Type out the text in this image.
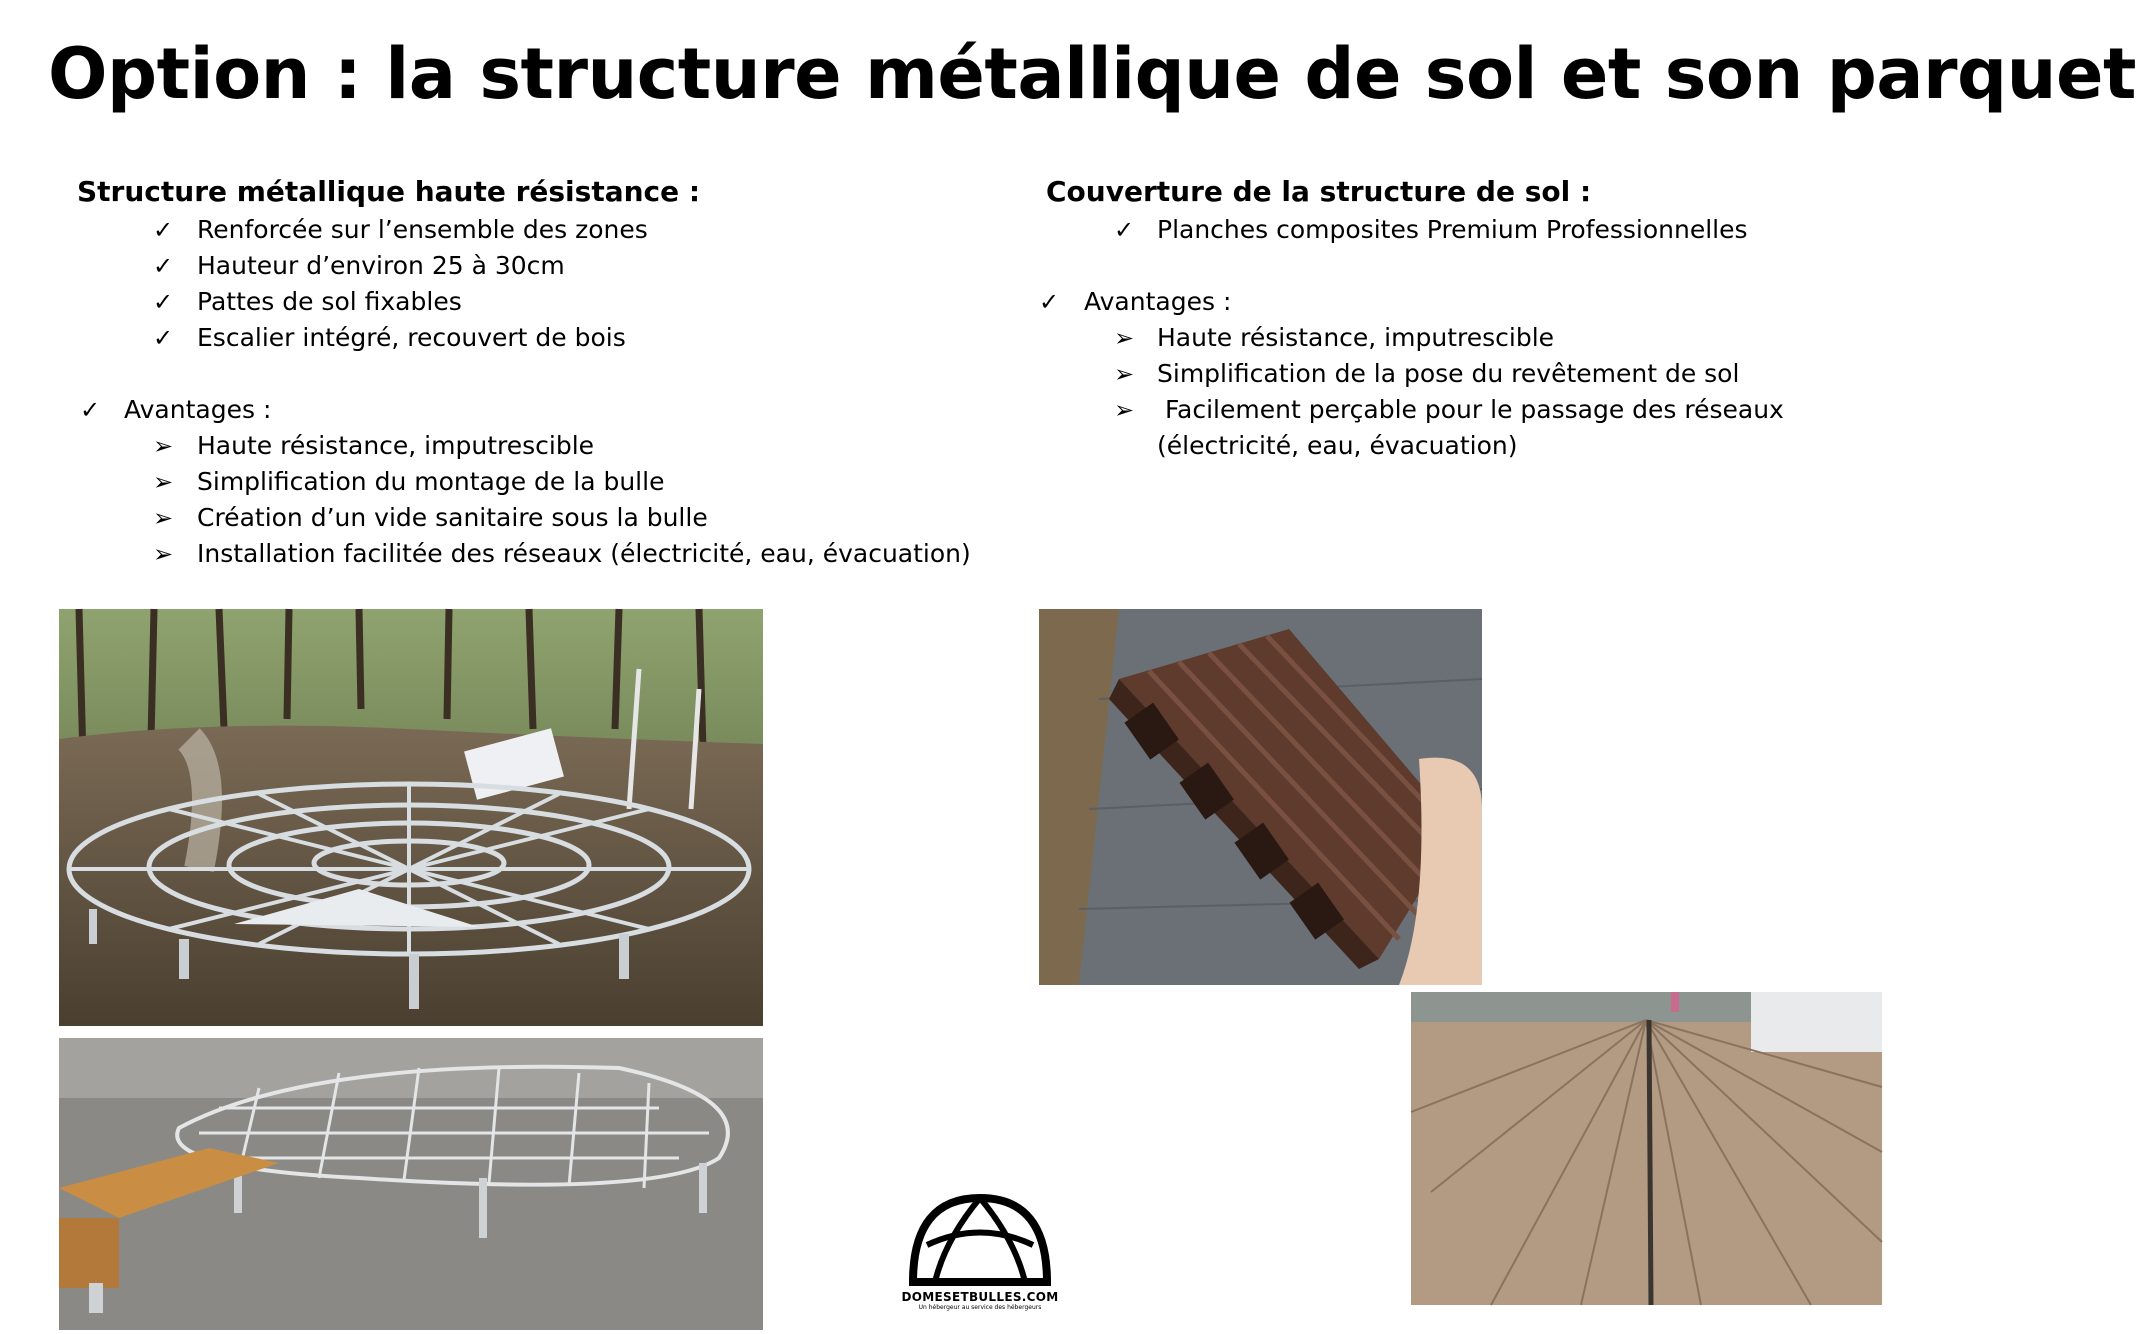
Option : la structure métallique de sol et son parquet
Structure métallique haute résistance :
✓ Renforcée sur l’ensemble des zones
✓ Hauteur d’environ 25 à 30cm
✓ Pattes de sol fixables
✓ Escalier intégré, recouvert de bois
✓ Avantages :
➢ Haute résistance, imputrescible
➢ Simplification du montage de la bulle
➢ Création d’un vide sanitaire sous la bulle
➢ Installation facilitée des réseaux (électricité, eau, évacuation)
Couverture de la structure de sol :
✓ Planches composites Premium Professionnelles
✓ Avantages :
➢ Haute résistance, imputrescible
➢ Simplification de la pose du revêtement de sol
➢ Facilement perçable pour le passage des réseaux
(électricité, eau, évacuation)
DOMESETBULLES.COM
Un hébergeur au service des hébergeurs
